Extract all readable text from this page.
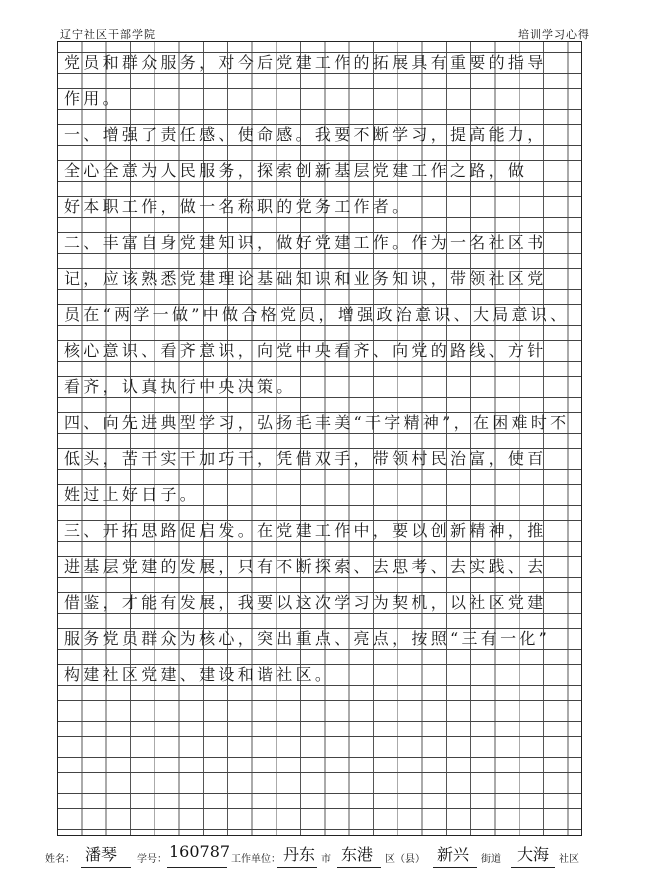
辽宁社区干部学院	培训学习心得
党员和群众服务，对今后党建工作的拓展具有重要的指导
作用。
一、增强了责任感、使命感。我要不断学习，提高能力，
全心全意为人民服务，探索创新基层党建工作之路，做
好本职工作，做一名称职的党务工作者。
二、丰富自身党建知识，做好党建工作。作为一名社区书
记，应该熟悉党建理论基础知识和业务知识，带领社区党
员在“两学一做”中做合格党员，增强政治意识、大局意识、
核心意识、看齐意识，向党中央看齐、向党的路线、方针
看齐，认真执行中央决策。
四、向先进典型学习，弘扬毛丰美“干字精神”，在困难时不
低头，苦干实干加巧干，凭借双手，带领村民治富，使百
姓过上好日子。
三、开拓思路促启发。在党建工作中，要以创新精神，推
进基层党建的发展，只有不断探索、去思考、去实践、去
借鉴，才能有发展，我要以这次学习为契机，以社区党建
服务党员群众为核心，突出重点、亮点，按照“三有一化”
构建社区党建、建设和谐社区。
姓名： 潘琴 学号： 160787 工作单位： 丹东 市 东港 区（县） 新兴 街道 大海 社区
